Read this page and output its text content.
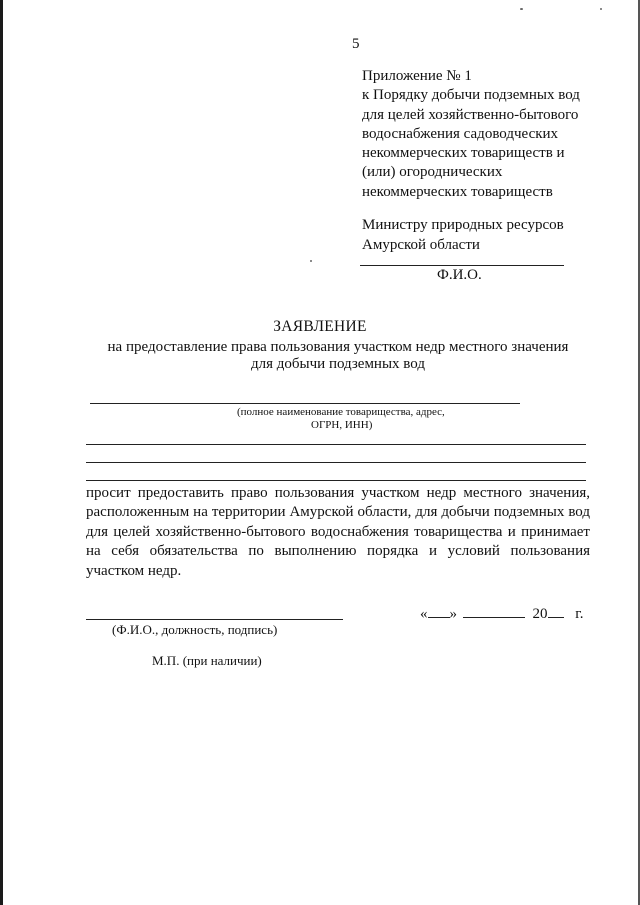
5
Приложение № 1
к Порядку добычи подземных вод
для целей хозяйственно-бытового
водоснабжения садоводческих
некоммерческих товариществ и
(или) огороднических
некоммерческих товариществ
Министру природных ресурсов
Амурской области
Ф.И.О.
ЗАЯВЛЕНИЕ
на предоставление права пользования участком недр местного значения
для добычи подземных вод
(полное наименование товарищества, адрес,
ОГРН, ИНН)
просит предоставить право пользования участком недр местного значения, расположенным на территории Амурской области, для добычи подземных вод для целей хозяйственно-бытового водоснабжения товарищества и принимает на себя обязательства по выполнению порядка и условий пользования участком недр.
(Ф.И.О., должность, подпись)
« »	20 г.
М.П. (при наличии)
